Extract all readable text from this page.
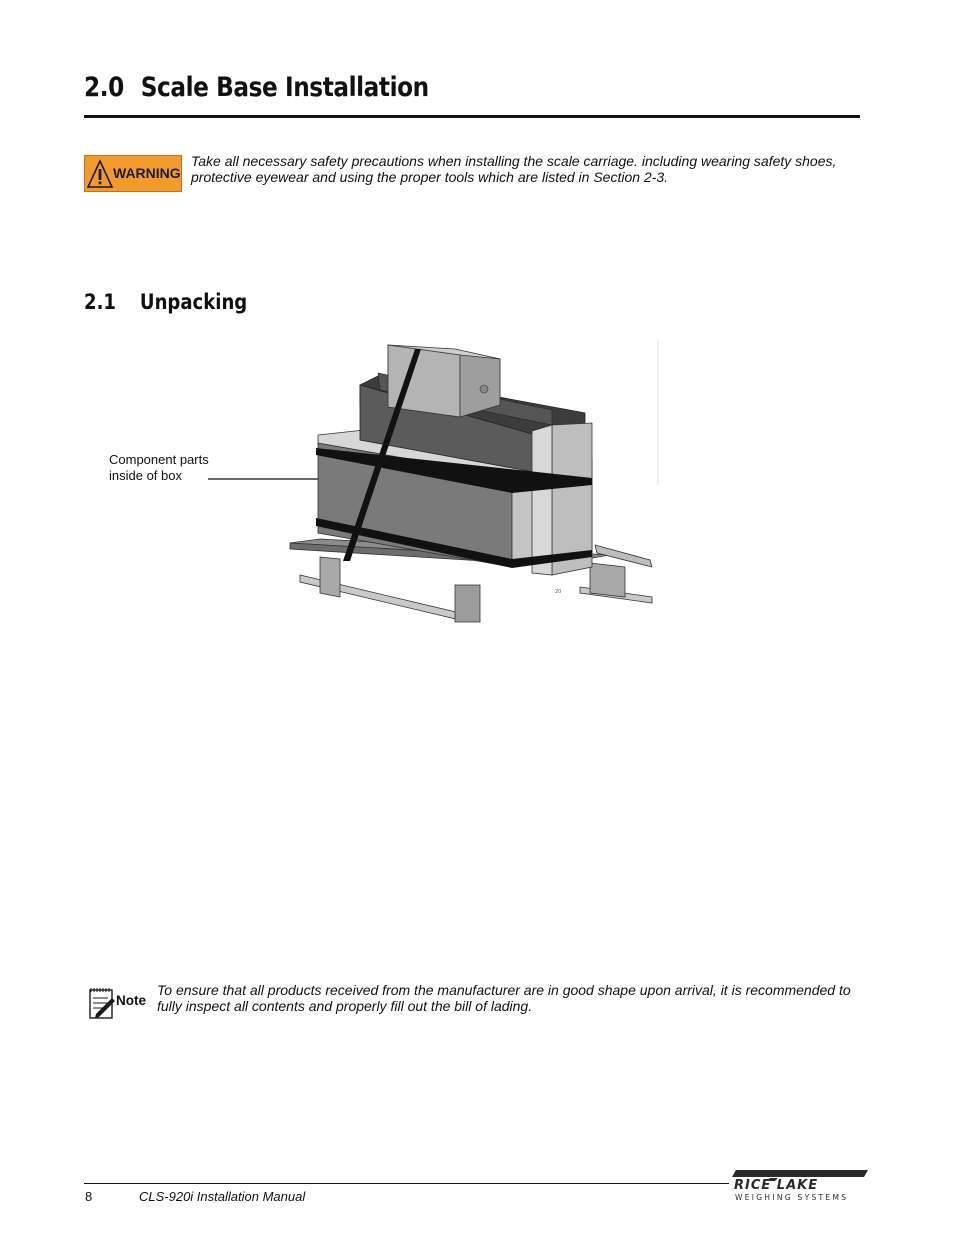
2.0 Scale Base Installation
WARNING
Take all necessary safety precautions when installing the scale carriage. including wearing safety shoes, protective eyewear and using the proper tools which are listed in Section 2-3.
2.1 Unpacking
Component parts inside of box
20
Note
To ensure that all products received from the manufacturer are in good shape upon arrival, it is recommended to fully inspect all contents and properly fill out the bill of lading.
8	CLS-920i Installation Manual
RICE LAKE
WEIGHING SYSTEMS
